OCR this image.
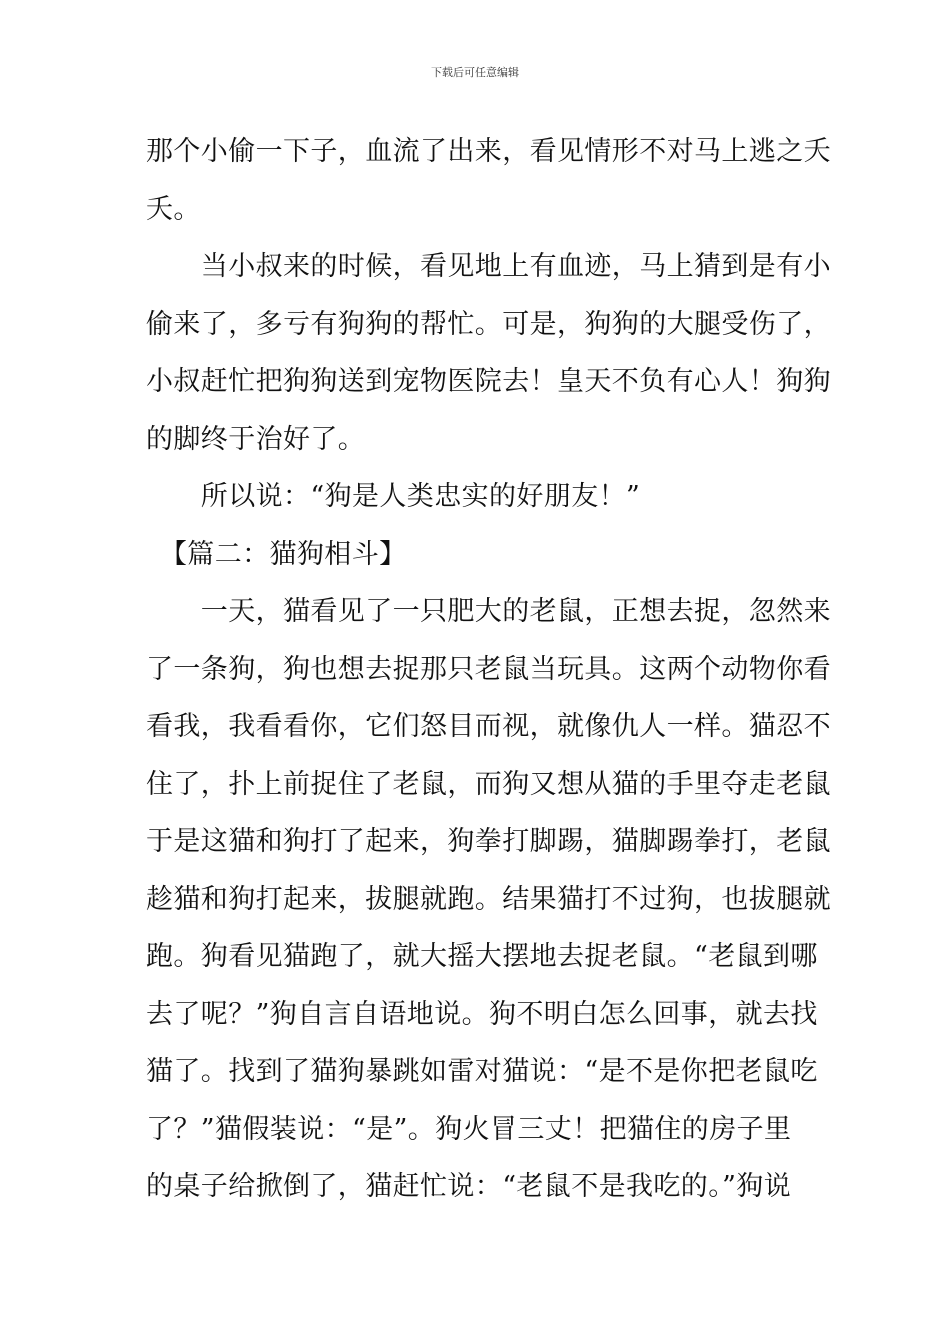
下载后可任意编辑
那个小偷一下子，血流了出来，看见情形不对马上逃之夭
夭。
　　当小叔来的时候，看见地上有血迹，马上猜到是有小
偷来了，多亏有狗狗的帮忙。可是，狗狗的大腿受伤了，
小叔赶忙把狗狗送到宠物医院去！皇天不负有心人！狗狗
的脚终于治好了。
　　所以说：“狗是人类忠实的好朋友！”
　【篇二：猫狗相斗】
　　一天，猫看见了一只肥大的老鼠，正想去捉，忽然来
了一条狗，狗也想去捉那只老鼠当玩具。这两个动物你看
看我，我看看你，它们怒目而视，就像仇人一样。猫忍不
住了，扑上前捉住了老鼠，而狗又想从猫的手里夺走老鼠
于是这猫和狗打了起来，狗拳打脚踢，猫脚踢拳打，老鼠
趁猫和狗打起来，拔腿就跑。结果猫打不过狗，也拔腿就
跑。狗看见猫跑了，就大摇大摆地去捉老鼠。“老鼠到哪
去了呢？”狗自言自语地说。狗不明白怎么回事，就去找
猫了。找到了猫狗暴跳如雷对猫说：“是不是你把老鼠吃
了？”猫假装说：“是”。狗火冒三丈！把猫住的房子里
的桌子给掀倒了，猫赶忙说：“老鼠不是我吃的。”狗说
